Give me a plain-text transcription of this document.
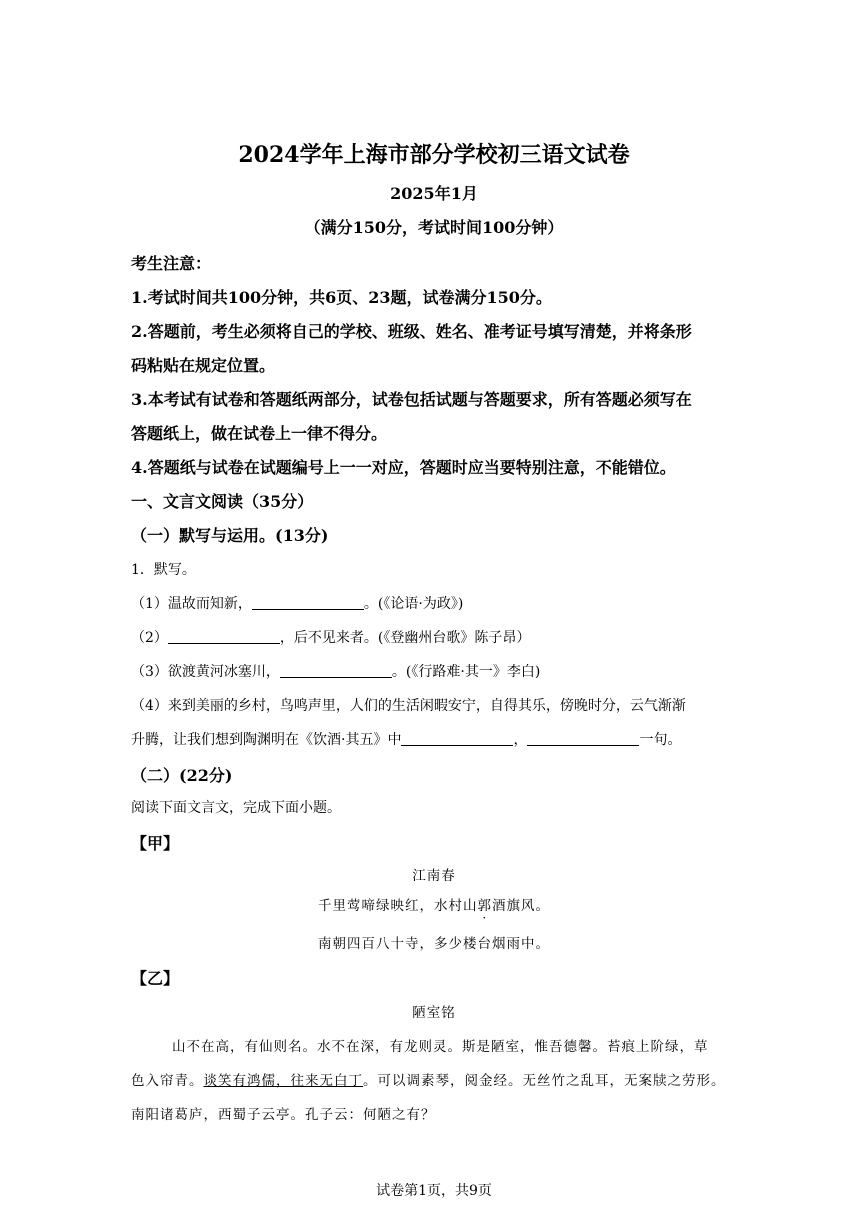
2024学年上海市部分学校初三语文试卷
2025年1月
（满分150分，考试时间100分钟）
考生注意：
1.考试时间共100分钟，共6页、23题，试卷满分150分。
2.答题前，考生必须将自己的学校、班级、姓名、准考证号填写清楚，并将条形
码粘贴在规定位置。
3.本考试有试卷和答题纸两部分，试卷包括试题与答题要求，所有答题必须写在
答题纸上，做在试卷上一律不得分。
4.答题纸与试卷在试题编号上一一对应，答题时应当要特别注意，不能错位。
一、文言文阅读（35分）
（一）默写与运用。(13分)
1．默写。
（1）温故而知新，	。(《论语·为政》)
（2）	，后不见来者。(《登幽州台歌》陈子昂）
（3）欲渡黄河冰塞川，	。(《行路难·其一》李白)
（4）来到美丽的乡村，鸟鸣声里，人们的生活闲暇安宁，自得其乐，傍晚时分，云气渐渐
升腾，让我们想到陶渊明在《饮酒·其五》中	，	一句。
（二）(22分)
阅读下面文言文，完成下面小题。
【甲】
江南春
千里莺啼绿映红，水村山郭酒旗风。
南朝四百八十寺，多少楼台烟雨中。
【乙】
陋室铭
山不在高，有仙则名。水不在深，有龙则灵。斯是陋室，惟吾德馨。苔痕上阶绿，草
色入帘青。谈笑有鸿儒，往来无白丁。可以调素琴，阅金经。无丝竹之乱耳，无案牍之劳形。
南阳诸葛庐，西蜀子云亭。孔子云：何陋之有？
试卷第1页，共9页
